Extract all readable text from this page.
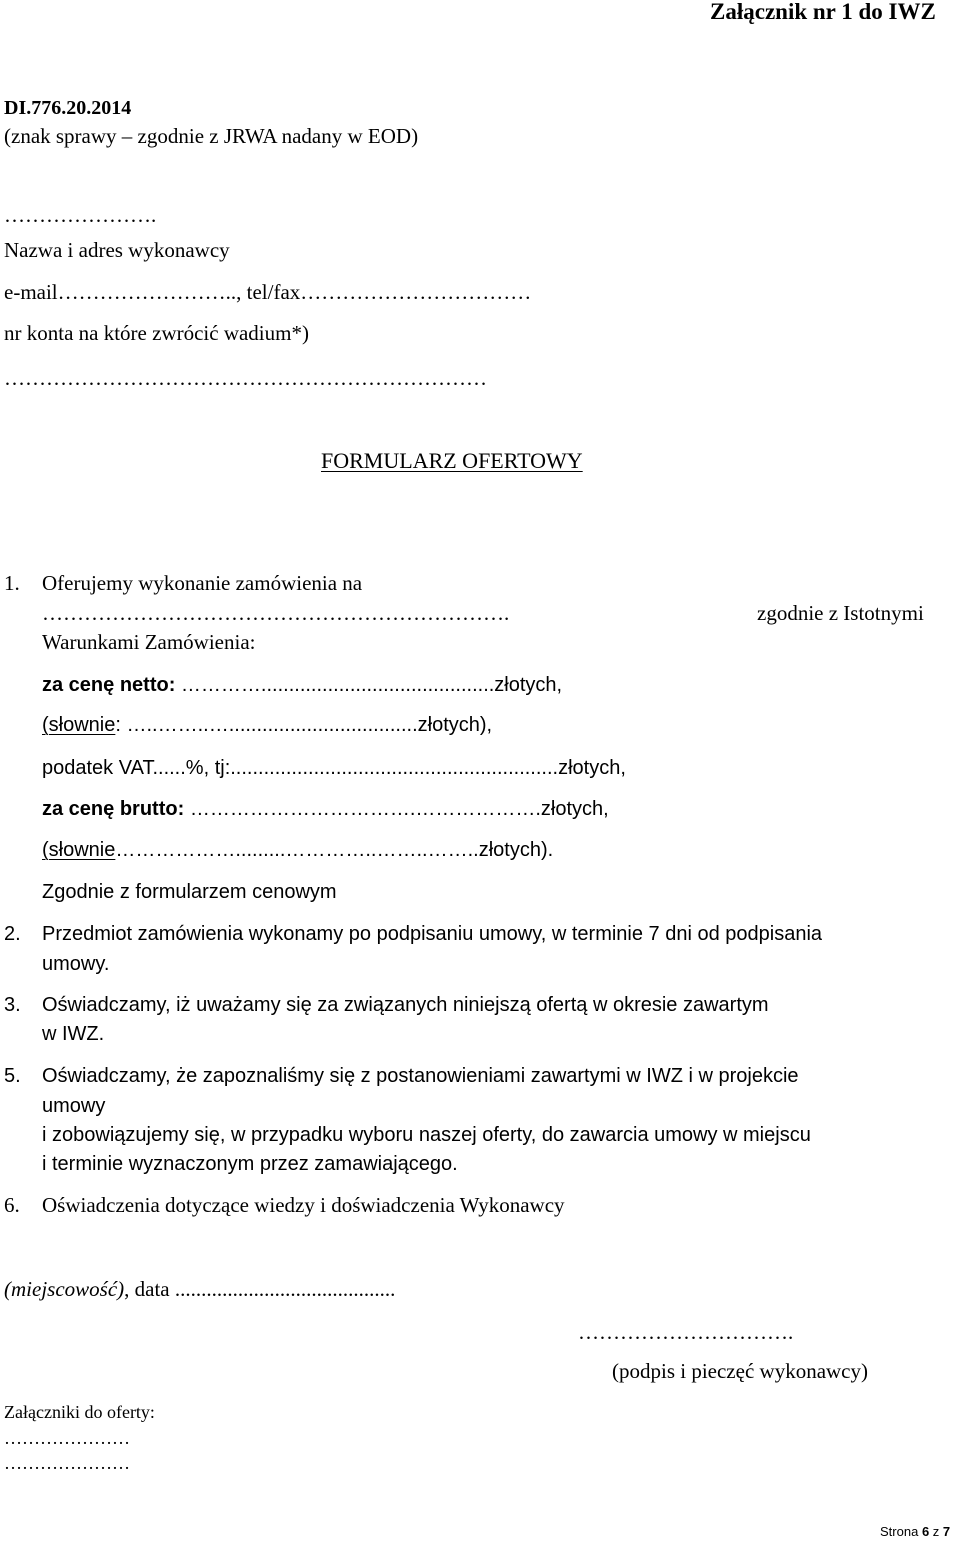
Załącznik nr 1 do IWZ
DI.776.20.2014
(znak sprawy – zgodnie z JRWA nadany w EOD)
………………….
Nazwa i adres wykonawcy
e-mail…………………….., tel/fax……………………………
nr konta na które zwrócić wadium*)
……………………………………………………………
FORMULARZ OFERTOWY
1. Oferujemy wykonanie zamówienia na
………………………………………………………….	zgodnie z Istotnymi
Warunkami Zamówienia:
za cenę netto: …………..........................................złotych,
(słownie: …..……..…..................................złotych),
podatek VAT......%, tj:...........................................................złotych,
za cenę brutto: …………………………….……………….złotych,
(słownie……………….........…………..……..……..złotych).
Zgodnie z formularzem cenowym
2. Przedmiot zamówienia wykonamy po podpisaniu umowy, w terminie 7 dni od podpisania
umowy.
3. Oświadczamy, iż uważamy się za związanych niniejszą ofertą w okresie zawartym
w IWZ.
5. Oświadczamy, że zapoznaliśmy się z postanowieniami zawartymi w IWZ i w projekcie
umowy
i zobowiązujemy się, w przypadku wyboru naszej oferty, do zawarcia umowy w miejscu
i terminie wyznaczonym przez zamawiającego.
6. Oświadczenia dotyczące wiedzy i doświadczenia Wykonawcy
(miejscowość), data ..........................................
………………………….
(podpis i pieczęć wykonawcy)
Załączniki do oferty:
…………………
…………………
Strona 6 z 7
